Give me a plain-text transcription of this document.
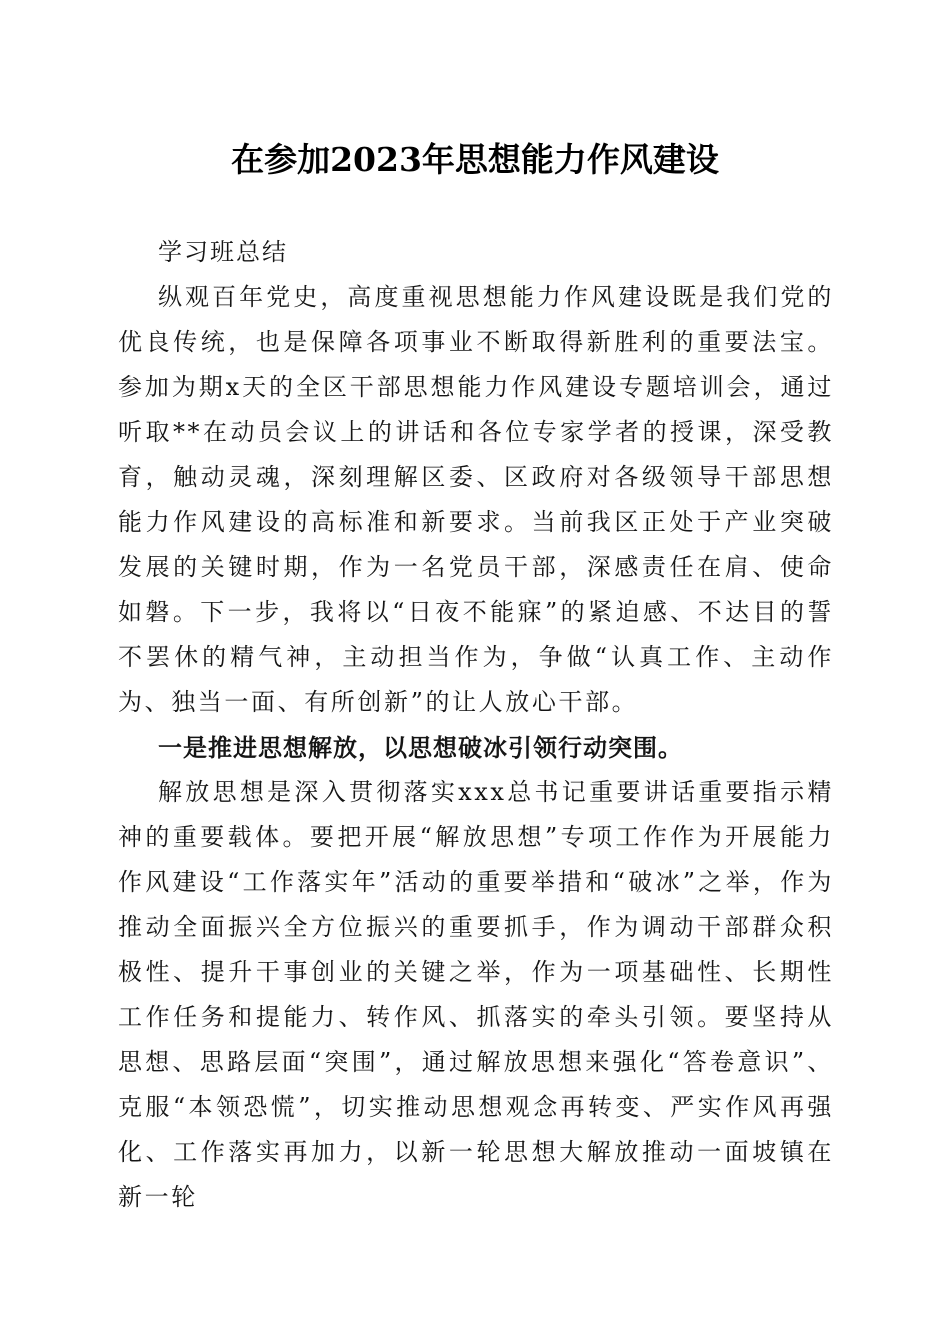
在参加2023年思想能力作风建设

学习班总结

纵观百年党史，高度重视思想能力作风建设既是我们党的优良传统，也是保障各项事业不断取得新胜利的重要法宝。参加为期x天的全区干部思想能力作风建设专题培训会，通过听取**在动员会议上的讲话和各位专家学者的授课，深受教育，触动灵魂，深刻理解区委、区政府对各级领导干部思想能力作风建设的高标准和新要求。当前我区正处于产业突破发展的关键时期，作为一名党员干部，深感责任在肩、使命如磐。下一步，我将以“日夜不能寐”的紧迫感、不达目的誓不罢休的精气神，主动担当作为，争做“认真工作、主动作为、独当一面、有所创新”的让人放心干部。

一是推进思想解放，以思想破冰引领行动突围。

解放思想是深入贯彻落实xxx总书记重要讲话重要指示精神的重要载体。要把开展“解放思想”专项工作作为开展能力作风建设“工作落实年”活动的重要举措和“破冰”之举，作为推动全面振兴全方位振兴的重要抓手，作为调动干部群众积极性、提升干事创业的关键之举，作为一项基础性、长期性工作任务和提能力、转作风、抓落实的牵头引领。要坚持从思想、思路层面“突围”，通过解放思想来强化“答卷意识”、克服“本领恐慌”，切实推动思想观念再转变、严实作风再强化、工作落实再加力，以新一轮思想大解放推动一面坡镇在新一轮
